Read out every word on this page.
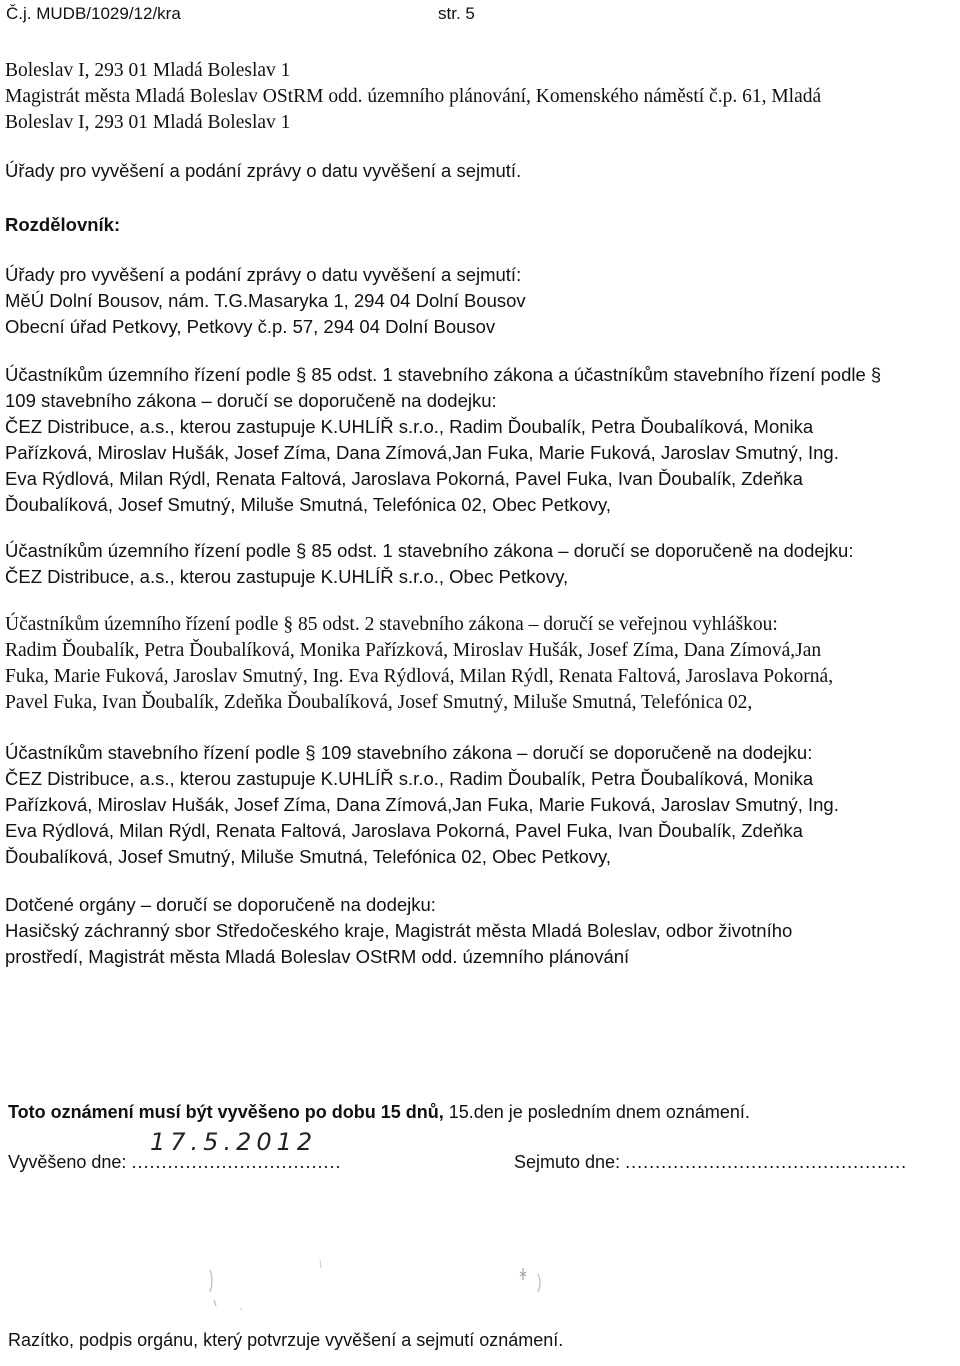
Č.j. MUDB/1029/12/kra	str. 5
Boleslav I, 293 01 Mladá Boleslav 1
Magistrát města Mladá Boleslav OStRM odd. územního plánování, Komenského náměstí č.p. 61, Mladá
Boleslav I, 293 01 Mladá Boleslav 1
Úřady pro vyvěšení a podání zprávy o datu vyvěšení a sejmutí.
Rozdělovník:
Úřady pro vyvěšení a podání zprávy o datu vyvěšení a sejmutí:
MěÚ Dolní Bousov, nám. T.G.Masaryka 1, 294 04 Dolní Bousov
Obecní úřad Petkovy, Petkovy č.p. 57, 294 04 Dolní Bousov
Účastníkům územního řízení podle § 85 odst. 1 stavebního zákona a účastníkům stavebního řízení podle §
109 stavebního zákona – doručí se doporučeně na dodejku:
ČEZ Distribuce, a.s., kterou zastupuje K.UHLÍŘ s.r.o., Radim Ďoubalík, Petra Ďoubalíková, Monika
Pařízková, Miroslav Hušák, Josef Zíma, Dana Zímová,Jan Fuka, Marie Fuková, Jaroslav Smutný, Ing.
Eva Rýdlová, Milan Rýdl, Renata Faltová, Jaroslava Pokorná, Pavel Fuka, Ivan Ďoubalík, Zdeňka
Ďoubalíková, Josef Smutný, Miluše Smutná, Telefónica 02, Obec Petkovy,
Účastníkům územního řízení podle § 85 odst. 1 stavebního zákona – doručí se doporučeně na dodejku:
ČEZ Distribuce, a.s., kterou zastupuje K.UHLÍŘ s.r.o., Obec Petkovy,
Účastníkům územního řízení podle § 85 odst. 2 stavebního zákona – doručí se veřejnou vyhláškou:
Radim Ďoubalík, Petra Ďoubalíková, Monika Pařízková, Miroslav Hušák, Josef Zíma, Dana Zímová,Jan
Fuka, Marie Fuková, Jaroslav Smutný, Ing. Eva Rýdlová, Milan Rýdl, Renata Faltová, Jaroslava Pokorná,
Pavel Fuka, Ivan Ďoubalík, Zdeňka Ďoubalíková, Josef Smutný, Miluše Smutná, Telefónica 02,
Účastníkům stavebního řízení podle § 109 stavebního zákona – doručí se doporučeně na dodejku:
ČEZ Distribuce, a.s., kterou zastupuje K.UHLÍŘ s.r.o., Radim Ďoubalík, Petra Ďoubalíková, Monika
Pařízková, Miroslav Hušák, Josef Zíma, Dana Zímová,Jan Fuka, Marie Fuková, Jaroslav Smutný, Ing.
Eva Rýdlová, Milan Rýdl, Renata Faltová, Jaroslava Pokorná, Pavel Fuka, Ivan Ďoubalík, Zdeňka
Ďoubalíková, Josef Smutný, Miluše Smutná, Telefónica 02, Obec Petkovy,
Dotčené orgány – doručí se doporučeně na dodejku:
Hasičský záchranný sbor Středočeského kraje, Magistrát města Mladá Boleslav, odbor životního
prostředí, Magistrát města Mladá Boleslav OStRM odd. územního plánování
Toto oznámení musí být vyvěšeno po dobu 15 dnů, 15.den je posledním dnem oznámení.
Vyvěšeno dne: ...................................
17.5.2012
Sejmuto dne: ...............................................
Razítko, podpis orgánu, který potvrzuje vyvěšení a sejmutí oznámení.
